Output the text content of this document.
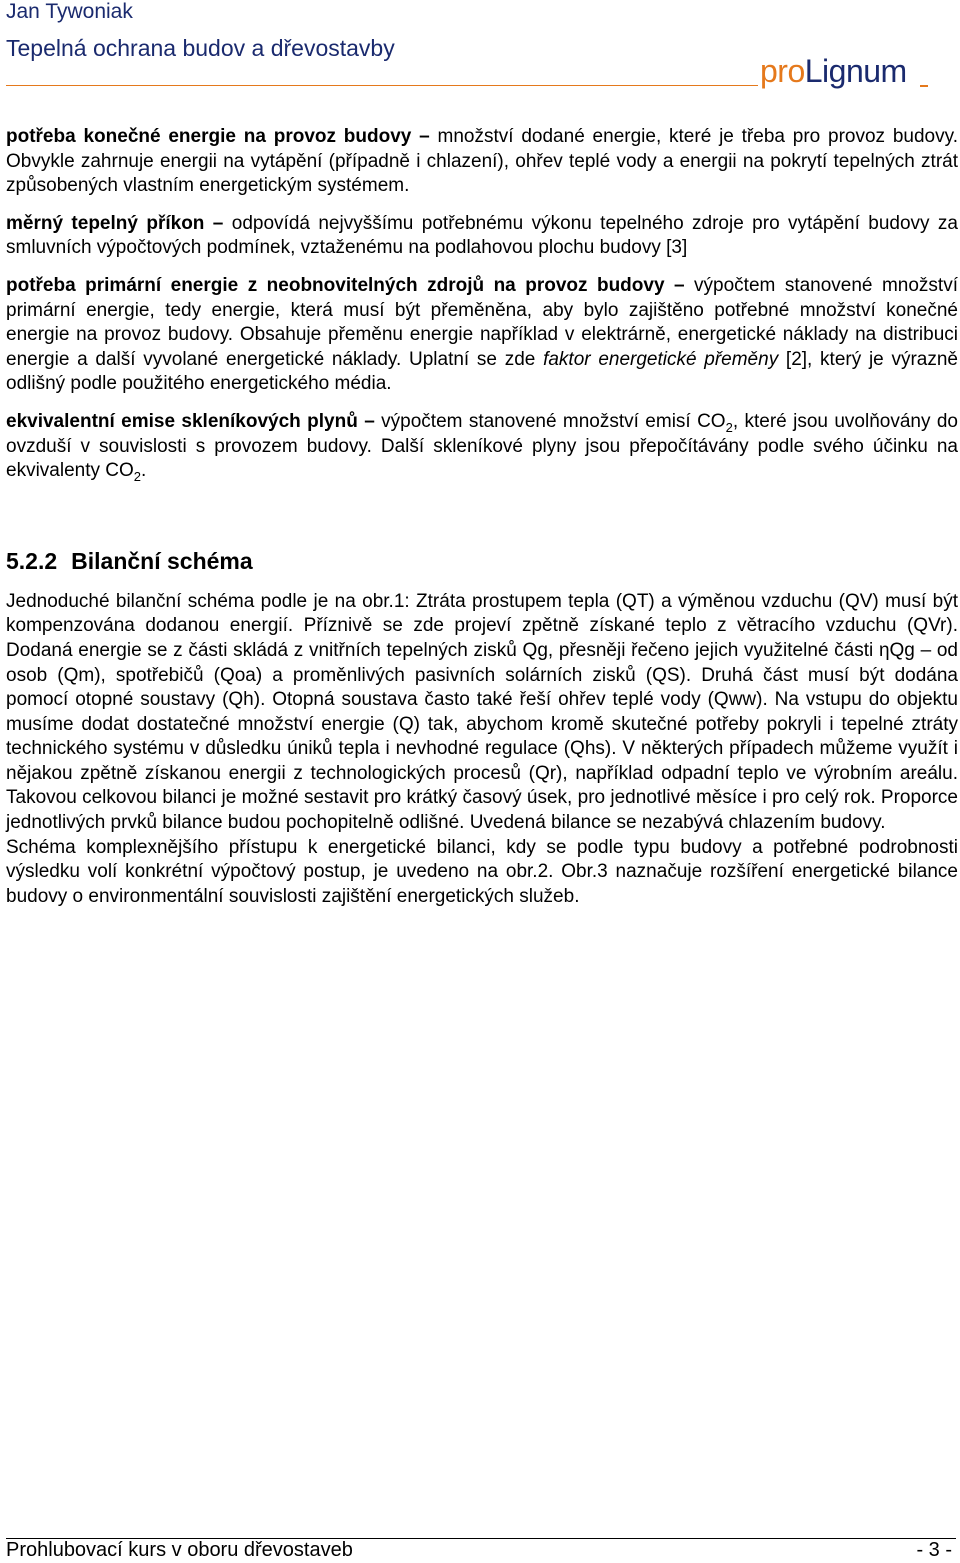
Jan Tywoniak
Tepelná ochrana budov a dřevostavby
proLignum

potřeba konečné energie na provoz budovy – množství dodané energie, které je třeba pro provoz budovy. Obvykle zahrnuje energii na vytápění (případně i chlazení), ohřev teplé vody a energii na pokrytí tepelných ztrát způsobených vlastním energetickým systémem.

měrný tepelný příkon – odpovídá nejvyššímu potřebnému výkonu tepelného zdroje pro vytápění budovy za smluvních výpočtových podmínek, vztaženému na podlahovou plochu budovy [3]

potřeba primární energie z neobnovitelných zdrojů na provoz budovy – výpočtem stanovené množství primární energie, tedy energie, která musí být přeměněna, aby bylo zajištěno potřebné množství konečné energie na provoz budovy. Obsahuje přeměnu energie například v elektrárně, energetické náklady na distribuci energie a další vyvolané energetické náklady. Uplatní se zde faktor energetické přeměny [2], který je výrazně odlišný podle použitého energetického média.

ekvivalentní emise skleníkových plynů – výpočtem stanovené množství emisí $CO_2$, které jsou uvolňovány do ovzduší v souvislosti s provozem budovy. Další skleníkové plyny jsou přepočítávány podle svého účinku na ekvivalenty $CO_2$.

5.2.2 Bilanční schéma

Jednoduché bilanční schéma podle je na obr.1: Ztráta prostupem tepla (QT) a výměnou vzduchu (QV) musí být kompenzována dodanou energií. Příznivě se zde projeví zpětně získané teplo z větracího vzduchu (QVr). Dodaná energie se z části skládá z vnitřních tepelných zisků Qg, přesněji řečeno jejich využitelné části ηQg – od osob (Qm), spotřebičů (Qoa) a proměnlivých pasivních solárních zisků (QS). Druhá část musí být dodána pomocí otopné soustavy (Qh). Otopná soustava často také řeší ohřev teplé vody (Qww). Na vstupu do objektu musíme dodat dostatečné množství energie (Q) tak, abychom kromě skutečné potřeby pokryli i tepelné ztráty technického systému v důsledku úniků tepla i nevhodné regulace (Qhs). V některých případech můžeme využít i nějakou zpětně získanou energii z technologických procesů (Qr), například odpadní teplo ve výrobním areálu. Takovou celkovou bilanci je možné sestavit pro krátký časový úsek, pro jednotlivé měsíce i pro celý rok. Proporce jednotlivých prvků bilance budou pochopitelně odlišné. Uvedená bilance se nezabývá chlazením budovy.

Schéma komplexnějšího přístupu k energetické bilanci, kdy se podle typu budovy a potřebné podrobnosti výsledku volí konkrétní výpočtový postup, je uvedeno na obr.2. Obr.3 naznačuje rozšíření energetické bilance budovy o environmentální souvislosti zajištění energetických služeb.

Prohlubovací kurs v oboru dřevostaveb	- 3 -
